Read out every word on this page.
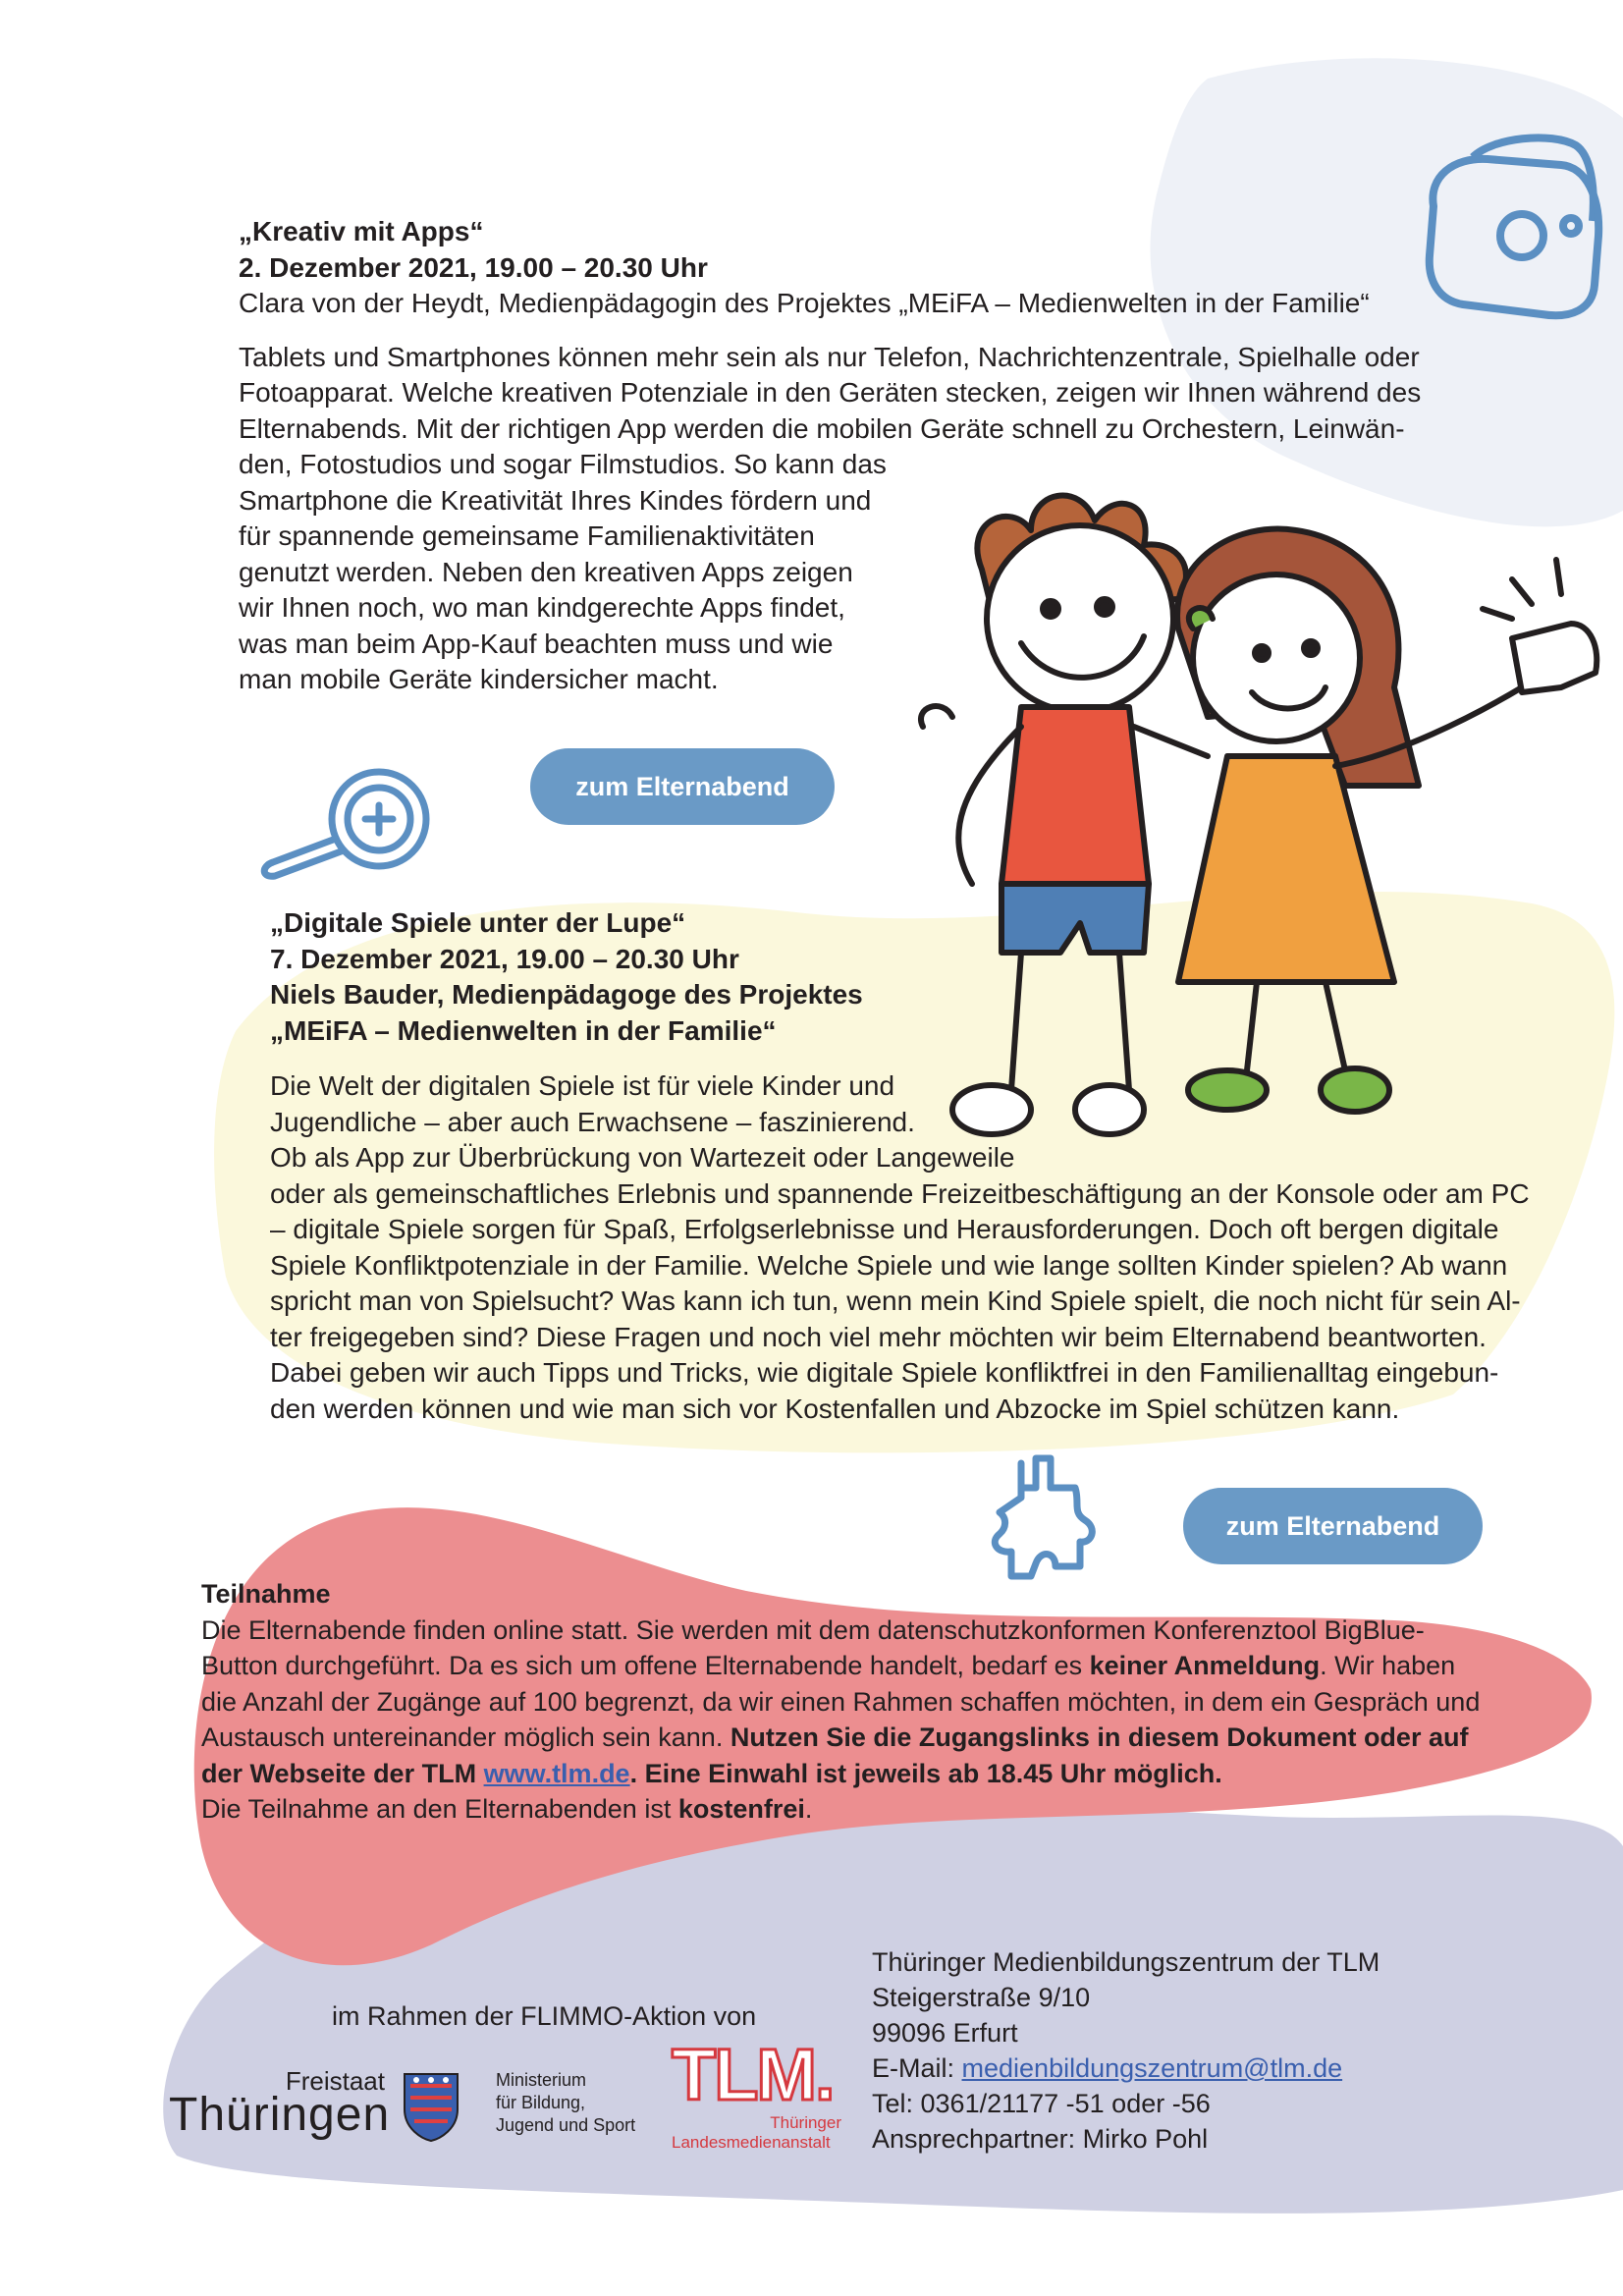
„Kreativ mit Apps“

2. Dezember 2021, 19.00 – 20.30 Uhr

Clara von der Heydt, Medienpädagogin des Projektes „MEiFA – Medienwelten in der Familie“

Tablets und Smartphones können mehr sein als nur Telefon, Nachrichtenzentrale, Spielhalle oder

Fotoapparat. Welche kreativen Potenziale in den Geräten stecken, zeigen wir Ihnen während des

Elternabends. Mit der richtigen App werden die mobilen Geräte schnell zu Orchestern, Leinwän-

den, Fotostudios und sogar Filmstudios. So kann das

Smartphone die Kreativität Ihres Kindes fördern und

für spannende gemeinsame Familienaktivitäten

genutzt werden. Neben den kreativen Apps zeigen

wir Ihnen noch, wo man kindgerechte Apps findet,

was man beim App-Kauf beachten muss und wie

man mobile Geräte kindersicher macht.

zum Elternabend

„Digitale Spiele unter der Lupe“

7. Dezember 2021, 19.00 – 20.30 Uhr

Niels Bauder, Medienpädagoge des Projektes

„MEiFA – Medienwelten in der Familie“

Die Welt der digitalen Spiele ist für viele Kinder und

Jugendliche – aber auch Erwachsene – faszinierend.

Ob als App zur Überbrückung von Wartezeit oder Langeweile

oder als gemeinschaftliches Erlebnis und spannende Freizeitbeschäftigung an der Konsole oder am PC

– digitale Spiele sorgen für Spaß, Erfolgserlebnisse und Herausforderungen. Doch oft bergen digitale

Spiele Konfliktpotenziale in der Familie. Welche Spiele und wie lange sollten Kinder spielen? Ab wann

spricht man von Spielsucht? Was kann ich tun, wenn mein Kind Spiele spielt, die noch nicht für sein Al-

ter freigegeben sind? Diese Fragen und noch viel mehr möchten wir beim Elternabend beantworten.

Dabei geben wir auch Tipps und Tricks, wie digitale Spiele konfliktfrei in den Familienalltag eingebun-

den werden können und wie man sich vor Kostenfallen und Abzocke im Spiel schützen kann.

zum Elternabend

Teilnahme

Die Elternabende finden online statt. Sie werden mit dem datenschutzkonformen Konferenztool BigBlue-

Button durchgeführt. Da es sich um offene Elternabende handelt, bedarf es keiner Anmeldung. Wir haben

die Anzahl der Zugänge auf 100 begrenzt, da wir einen Rahmen schaffen möchten, in dem ein Gespräch und

Austausch untereinander möglich sein kann. Nutzen Sie die Zugangslinks in diesem Dokument oder auf

der Webseite der TLM www.tlm.de. Eine Einwahl ist jeweils ab 18.45 Uhr möglich.

Die Teilnahme an den Elternabenden ist kostenfrei.

im Rahmen der FLIMMO-Aktion von
Freistaat
Thüringen
Ministerium
für Bildung,
Jugend und Sport
TLM.
Thüringer
Landesmedienanstalt

Thüringer Medienbildungszentrum der TLM

Steigerstraße 9/10

99096 Erfurt

E-Mail: medienbildungszentrum@tlm.de

Tel: 0361/21177 -51 oder -56

Ansprechpartner: Mirko Pohl
